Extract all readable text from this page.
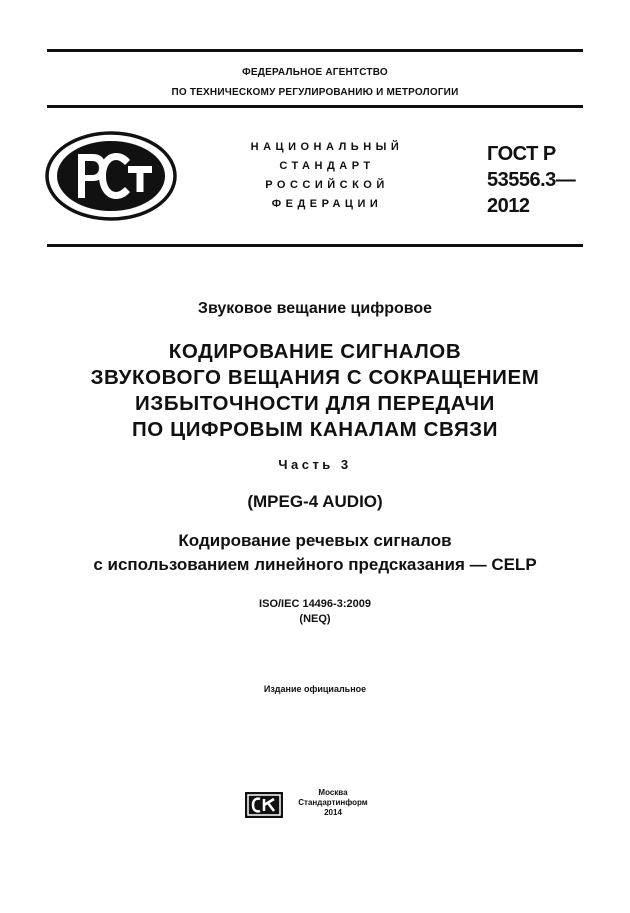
ФЕДЕРАЛЬНОЕ АГЕНТСТВО
ПО ТЕХНИЧЕСКОМУ РЕГУЛИРОВАНИЮ И МЕТРОЛОГИИ
НАЦИОНАЛЬНЫЙ
СТАНДАРТ
РОССИЙСКОЙ
ФЕДЕРАЦИИ
ГОСТ Р
53556.3—
2012
Звуковое вещание цифровое
КОДИРОВАНИЕ СИГНАЛОВ
ЗВУКОВОГО ВЕЩАНИЯ С СОКРАЩЕНИЕМ
ИЗБЫТОЧНОСТИ ДЛЯ ПЕРЕДАЧИ
ПО ЦИФРОВЫМ КАНАЛАМ СВЯЗИ
Часть 3
(MPEG-4 AUDIO)
Кодирование речевых сигналов
с использованием линейного предсказания — CELP
ISO/IEC 14496-3:2009
(NEQ)
Издание официальное
Москва
Стандартинформ
2014
